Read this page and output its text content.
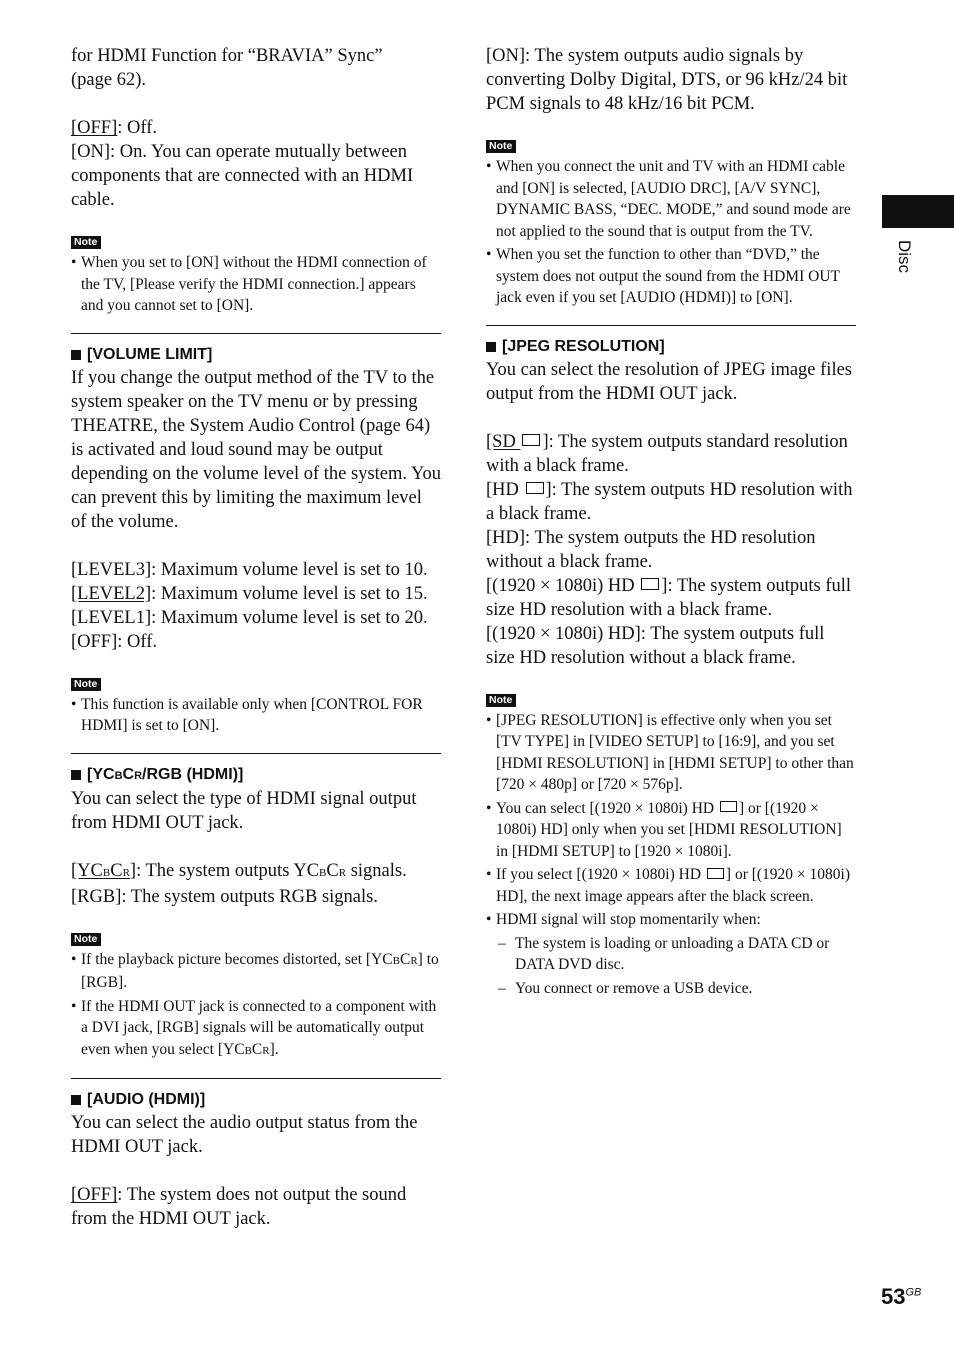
Disc

for HDMI Function for “BRAVIA” Sync”

(page 62).

[OFF]: Off.

[ON]: On. You can operate mutually between components that are connected with an HDMI cable.

Note
• When you set to [ON] without the HDMI connection of the TV, [Please verify the HDMI connection.] appears and you cannot set to [ON].
[VOLUME LIMIT]

If you change the output method of the TV to the system speaker on the TV menu or by pressing THEATRE, the System Audio Control (page 64) is activated and loud sound may be output depending on the volume level of the system. You can prevent this by limiting the maximum level of the volume.

[LEVEL3]: Maximum volume level is set to 10.

[LEVEL2]: Maximum volume level is set to 15.

[LEVEL1]: Maximum volume level is set to 20.

[OFF]: Off.

Note
• This function is available only when [CONTROL FOR HDMI] is set to [ON].
[YCBCR/RGB (HDMI)]

You can select the type of HDMI signal output from HDMI OUT jack.

[YCBCR]: The system outputs YCBCR signals.

[RGB]: The system outputs RGB signals.

Note
• If the playback picture becomes distorted, set [YCBCR] to [RGB].
• If the HDMI OUT jack is connected to a component with a DVI jack, [RGB] signals will be automatically output even when you select [YCBCR].
[AUDIO (HDMI)]

You can select the audio output status from the HDMI OUT jack.

[OFF]: The system does not output the sound from the HDMI OUT jack.

[ON]: The system outputs audio signals by converting Dolby Digital, DTS, or 96 kHz/24 bit PCM signals to 48 kHz/16 bit PCM.

Note
• When you connect the unit and TV with an HDMI cable and [ON] is selected, [AUDIO DRC], [A/V SYNC], DYNAMIC BASS, “DEC. MODE,” and sound mode are not applied to the sound that is output from the TV.
• When you set the function to other than “DVD,” the system does not output the sound from the HDMI OUT jack even if you set [AUDIO (HDMI)] to [ON].
[JPEG RESOLUTION]

You can select the resolution of JPEG image files output from the HDMI OUT jack.

[SD ]: The system outputs standard resolution with a black frame.

[HD ]: The system outputs HD resolution with a black frame.

[HD]: The system outputs the HD resolution without a black frame.

[(1920 × 1080i) HD ]: The system outputs full size HD resolution with a black frame.

[(1920 × 1080i) HD]: The system outputs full size HD resolution without a black frame.

Note
• [JPEG RESOLUTION] is effective only when you set [TV TYPE] in [VIDEO SETUP] to [16:9], and you set [HDMI RESOLUTION] in [HDMI SETUP] to other than [720 × 480p] or [720 × 576p].
• You can select [(1920 × 1080i) HD ] or [(1920 × 1080i) HD] only when you set [HDMI RESOLUTION] in [HDMI SETUP] to [1920 × 1080i].
• If you select [(1920 × 1080i) HD ] or [(1920 × 1080i) HD], the next image appears after the black screen.
• HDMI signal will stop momentarily when:
– The system is loading or unloading a DATA CD or DATA DVD disc.
– You connect or remove a USB device.
$53^{GB}$
